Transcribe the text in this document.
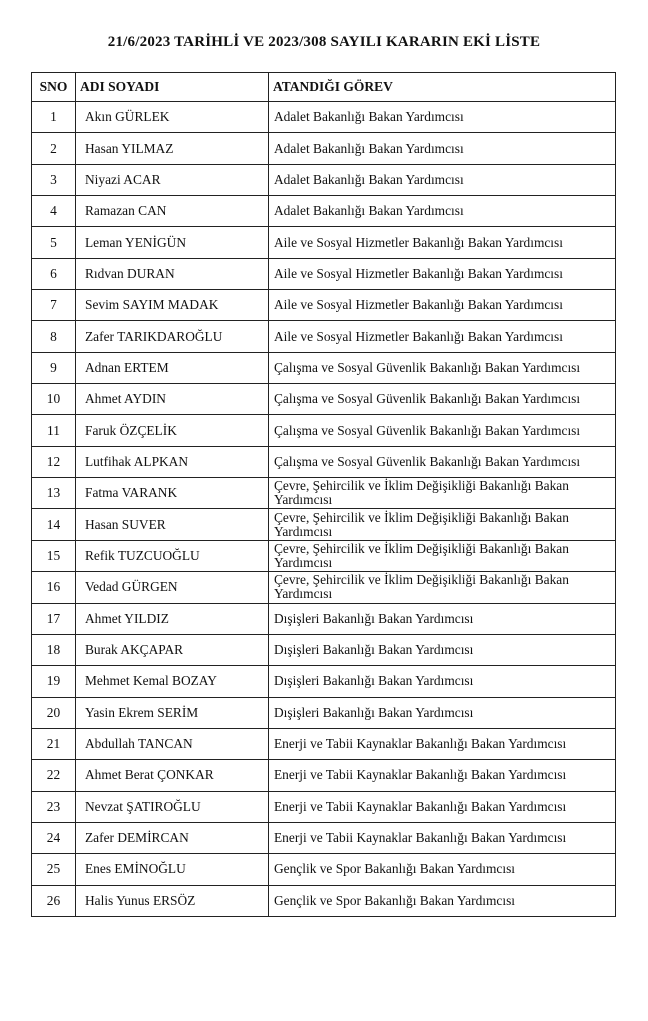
21/6/2023 TARİHLİ VE 2023/308 SAYILI KARARIN EKİ LİSTE
SNO	ADI SOYADI	ATANDIĞI GÖREV
1	Akın GÜRLEK	Adalet Bakanlığı Bakan Yardımcısı
2	Hasan YILMAZ	Adalet Bakanlığı Bakan Yardımcısı
3	Niyazi ACAR	Adalet Bakanlığı Bakan Yardımcısı
4	Ramazan CAN	Adalet Bakanlığı Bakan Yardımcısı
5	Leman YENİGÜN	Aile ve Sosyal Hizmetler Bakanlığı Bakan Yardımcısı
6	Rıdvan DURAN	Aile ve Sosyal Hizmetler Bakanlığı Bakan Yardımcısı
7	Sevim SAYIM MADAK	Aile ve Sosyal Hizmetler Bakanlığı Bakan Yardımcısı
8	Zafer TARIKDAROĞLU	Aile ve Sosyal Hizmetler Bakanlığı Bakan Yardımcısı
9	Adnan ERTEM	Çalışma ve Sosyal Güvenlik Bakanlığı Bakan Yardımcısı
10	Ahmet AYDIN	Çalışma ve Sosyal Güvenlik Bakanlığı Bakan Yardımcısı
11	Faruk ÖZÇELİK	Çalışma ve Sosyal Güvenlik Bakanlığı Bakan Yardımcısı
12	Lutfihak ALPKAN	Çalışma ve Sosyal Güvenlik Bakanlığı Bakan Yardımcısı
13	Fatma VARANK	Çevre, Şehircilik ve İklim Değişikliği Bakanlığı Bakan Yardımcısı
14	Hasan SUVER	Çevre, Şehircilik ve İklim Değişikliği Bakanlığı Bakan Yardımcısı
15	Refik TUZCUOĞLU	Çevre, Şehircilik ve İklim Değişikliği Bakanlığı Bakan Yardımcısı
16	Vedad GÜRGEN	Çevre, Şehircilik ve İklim Değişikliği Bakanlığı Bakan Yardımcısı
17	Ahmet YILDIZ	Dışişleri Bakanlığı Bakan Yardımcısı
18	Burak AKÇAPAR	Dışişleri Bakanlığı Bakan Yardımcısı
19	Mehmet Kemal BOZAY	Dışişleri Bakanlığı Bakan Yardımcısı
20	Yasin Ekrem SERİM	Dışişleri Bakanlığı Bakan Yardımcısı
21	Abdullah TANCAN	Enerji ve Tabii Kaynaklar Bakanlığı Bakan Yardımcısı
22	Ahmet Berat ÇONKAR	Enerji ve Tabii Kaynaklar Bakanlığı Bakan Yardımcısı
23	Nevzat ŞATIROĞLU	Enerji ve Tabii Kaynaklar Bakanlığı Bakan Yardımcısı
24	Zafer DEMİRCAN	Enerji ve Tabii Kaynaklar Bakanlığı Bakan Yardımcısı
25	Enes EMİNOĞLU	Gençlik ve Spor Bakanlığı Bakan Yardımcısı
26	Halis Yunus ERSÖZ	Gençlik ve Spor Bakanlığı Bakan Yardımcısı
